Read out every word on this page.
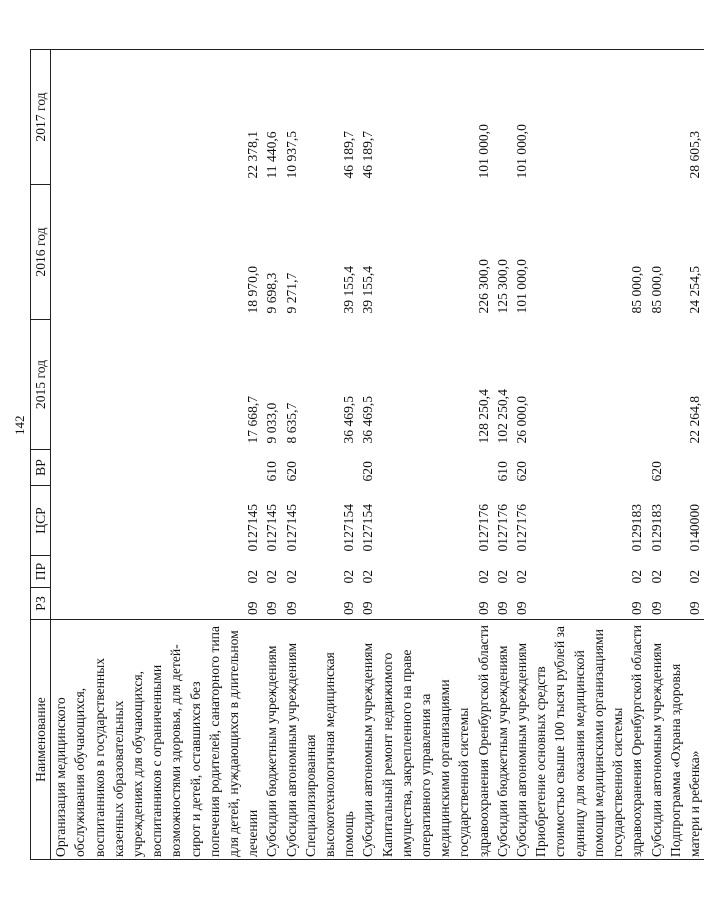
142
Наименование	РЗ	ПР	ЦСР	ВР	2015 год	2016 год	2017 год
Организация медицинского обслуживания обучающихся, воспитанников в государственных казенных образовательных учреждениях для обучающихся, воспитанников с ограниченными возможностями здоровья, для детей-сирот и детей, оставшихся без попечения родителей, санаторного типа для детей, нуждающихся в длительном лечении	09	02	0127145		17 668,7	18 970,0	22 378,1
Субсидии бюджетным учреждениям	09	02	0127145	610	9 033,0	9 698,3	11 440,6
Субсидии автономным учреждениям	09	02	0127145	620	8 635,7	9 271,7	10 937,5
Специализированная высокотехнологичная медицинская помощь	09	02	0127154		36 469,5	39 155,4	46 189,7
Субсидии автономным учреждениям	09	02	0127154	620	36 469,5	39 155,4	46 189,7
Капитальный ремонт недвижимого имущества, закрепленного на праве оперативного управления за медицинскими организациями государственной системы здравоохранения Оренбургской области	09	02	0127176		128 250,4	226 300,0	101 000,0
Субсидии бюджетным учреждениям	09	02	0127176	610	102 250,4	125 300,0	
Субсидии автономным учреждениям	09	02	0127176	620	26 000,0	101 000,0	101 000,0
Приобретение основных средств стоимостью свыше 100 тысяч рублей за единицу для оказания медицинской помощи медицинскими организациями государственной системы здравоохранения Оренбургской области	09	02	0129183			85 000,0	
Субсидии автономным учреждениям	09	02	0129183	620		85 000,0	
Подпрограмма «Охрана здоровья матери и ребенка»	09	02	0140000		22 264,8	24 254,5	28 605,3
